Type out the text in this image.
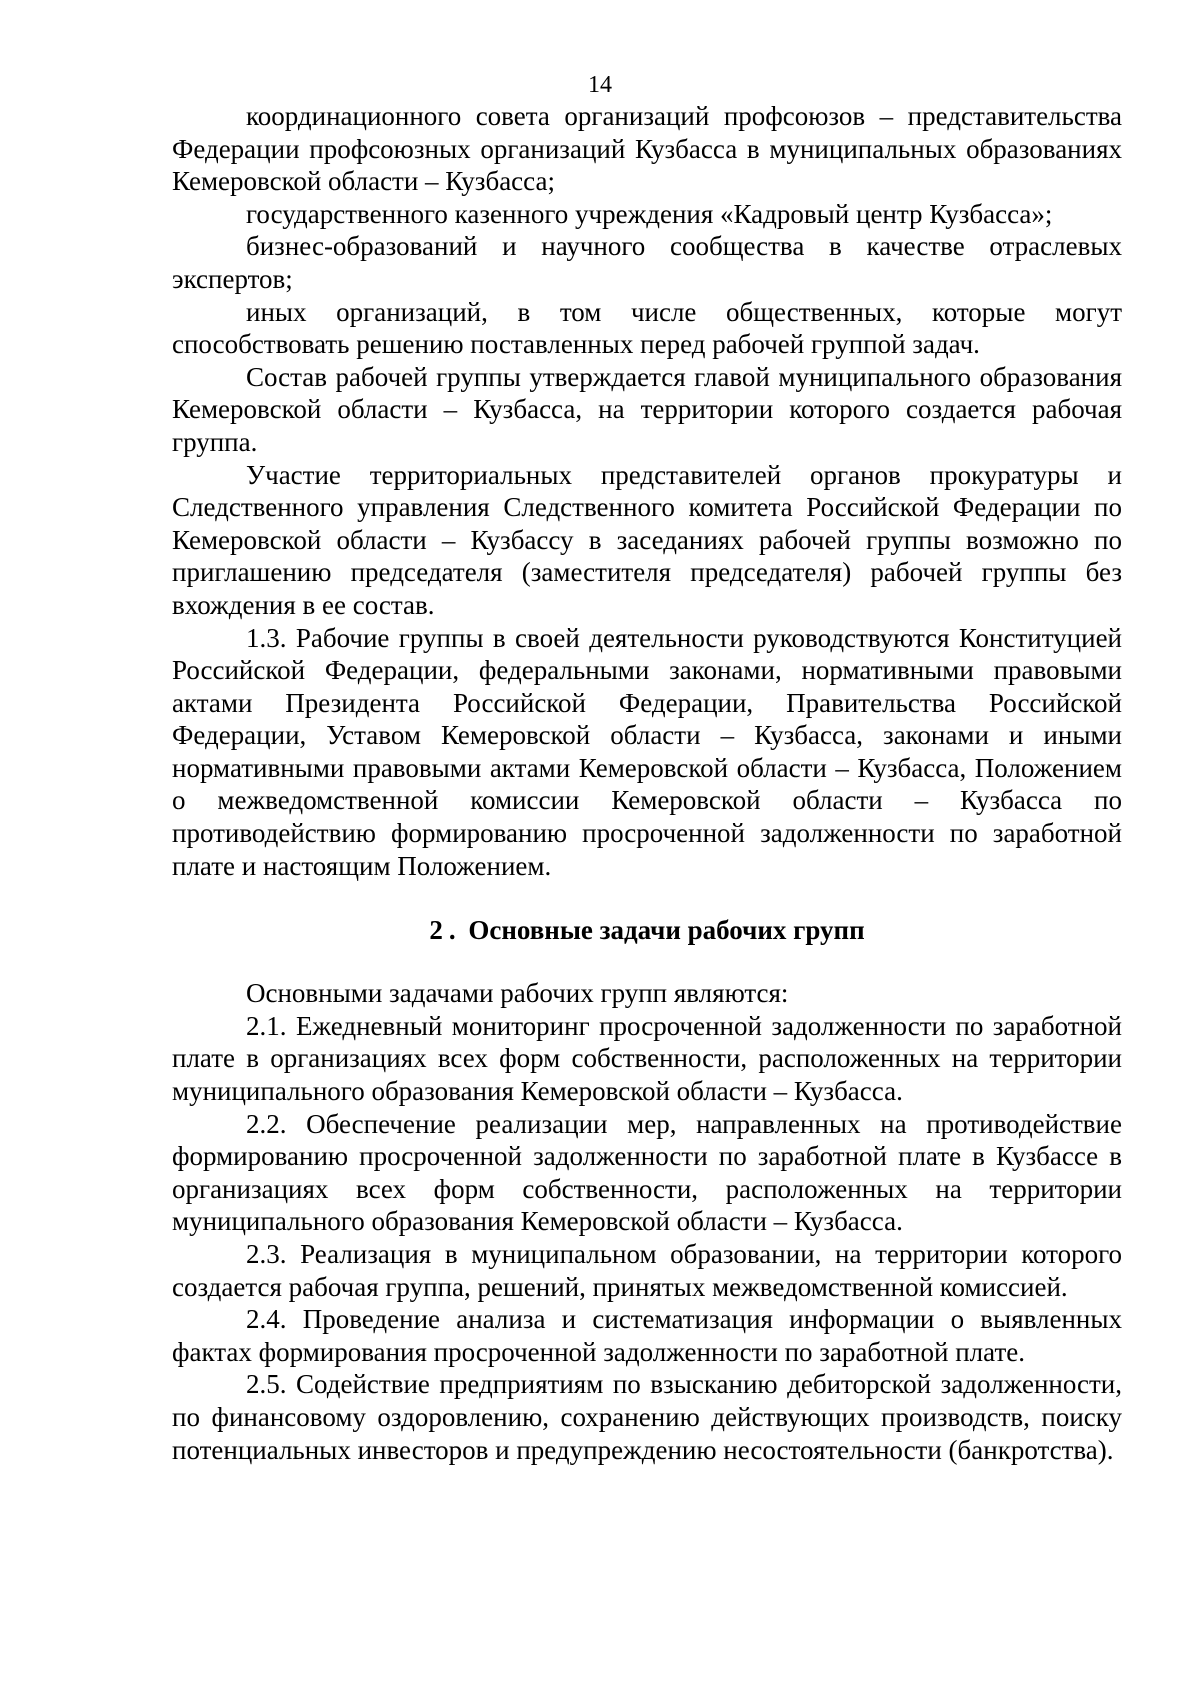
14

координационного совета организаций профсоюзов – представительства Федерации профсоюзных организаций Кузбасса в муниципальных образованиях Кемеровской области – Кузбасса;

государственного казенного учреждения «Кадровый центр Кузбасса»;

бизнес-образований и научного сообщества в качестве отраслевых экспертов;

иных организаций, в том числе общественных, которые могут способствовать решению поставленных перед рабочей группой задач.

Состав рабочей группы утверждается главой муниципального образования Кемеровской области – Кузбасса, на территории которого создается рабочая группа.

Участие территориальных представителей органов прокуратуры и Следственного управления Следственного комитета Российской Федерации по Кемеровской области – Кузбассу в заседаниях рабочей группы возможно по приглашению председателя (заместителя председателя) рабочей группы без вхождения в ее состав.

1.3. Рабочие группы в своей деятельности руководствуются Конституцией Российской Федерации, федеральными законами, нормативными правовыми актами Президента Российской Федерации, Правительства Российской Федерации, Уставом Кемеровской области – Кузбасса, законами и иными нормативными правовыми актами Кемеровской области – Кузбасса, Положением о межведомственной комиссии Кемеровской области – Кузбасса по противодействию формированию просроченной задолженности по заработной плате и настоящим Положением.

2. Основные задачи рабочих групп

Основными задачами рабочих групп являются:

2.1. Ежедневный мониторинг просроченной задолженности по заработной плате в организациях всех форм собственности, расположенных на территории муниципального образования Кемеровской области – Кузбасса.

2.2. Обеспечение реализации мер, направленных на противодействие формированию просроченной задолженности по заработной плате в Кузбассе в организациях всех форм собственности, расположенных на территории муниципального образования Кемеровской области – Кузбасса.

2.3. Реализация в муниципальном образовании, на территории которого создается рабочая группа, решений, принятых межведомственной комиссией.

2.4. Проведение анализа и систематизация информации о выявленных фактах формирования просроченной задолженности по заработной плате.

2.5. Содействие предприятиям по взысканию дебиторской задолженности, по финансовому оздоровлению, сохранению действующих производств, поиску потенциальных инвесторов и предупреждению несостоятельности (банкротства).
